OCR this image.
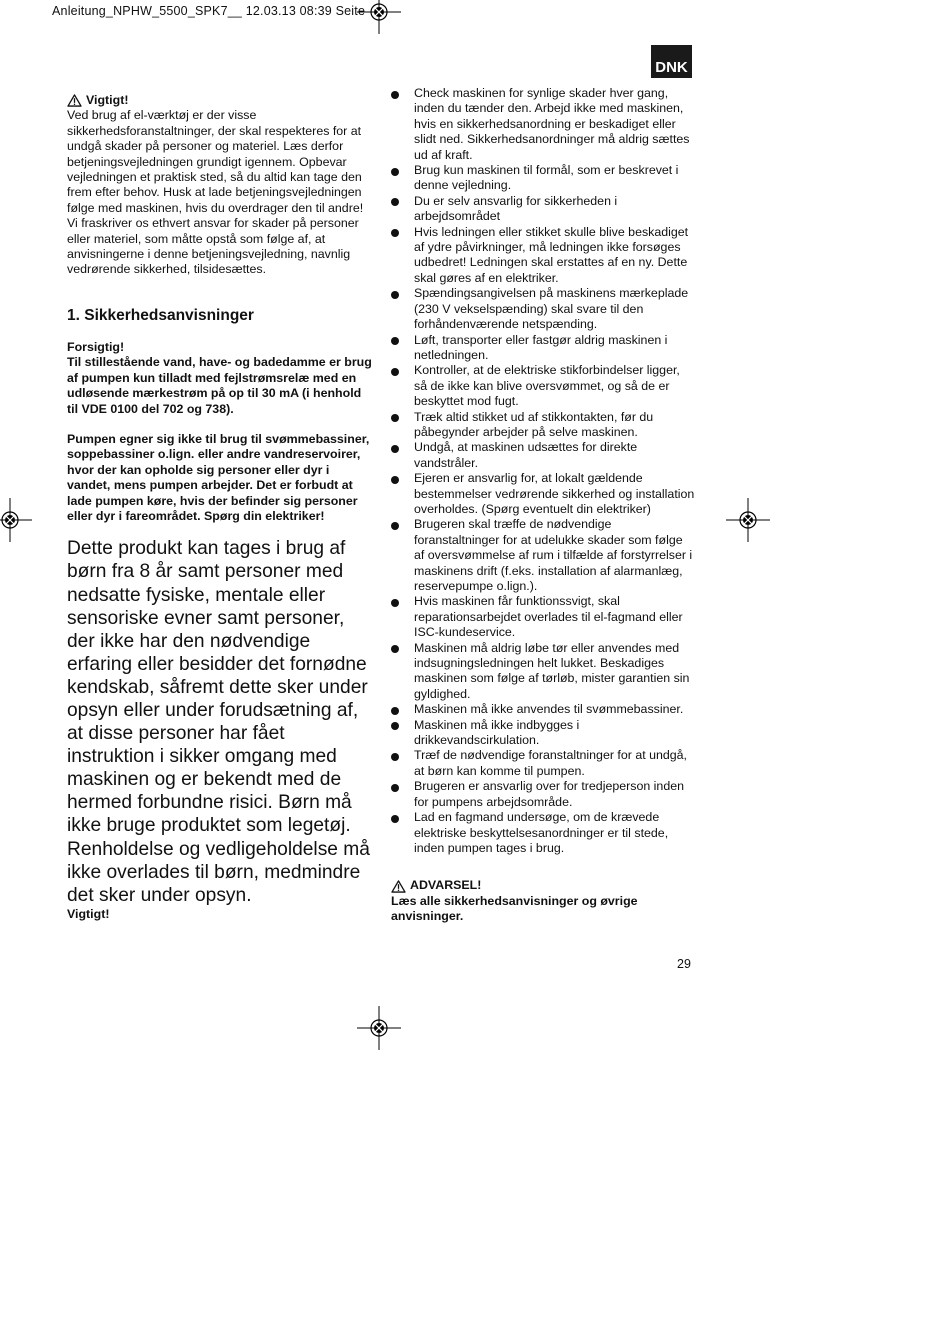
Anleitung_NPHW_5500_SPK7__ 12.03.13 08:39 Seite
DNK
Vigtigt!
Ved brug af el-værktøj er der visse sikkerhedsforanstaltninger, der skal respekteres for at undgå skader på personer og materiel. Læs derfor betjeningsvejledningen grundigt igennem. Opbevar vejledningen et praktisk sted, så du altid kan tage den frem efter behov. Husk at lade betjeningsvejledningen følge med maskinen, hvis du overdrager den til andre! Vi fraskriver os ethvert ansvar for skader på personer eller materiel, som måtte opstå som følge af, at anvisningerne i denne betjeningsvejledning, navnlig vedrørende sikkerhed, tilsidesættes.
1. Sikkerhedsanvisninger
Forsigtig!
Til stillestående vand, have- og badedamme er brug af pumpen kun tilladt med fejlstrømsrelæ med en udløsende mærkestrøm på op til 30 mA (i henhold til VDE 0100 del 702 og 738).
Pumpen egner sig ikke til brug til svømmebassiner, soppebassiner o.lign. eller andre vandreservoirer, hvor der kan opholde sig personer eller dyr i vandet, mens pumpen arbejder. Det er forbudt at lade pumpen køre, hvis der befinder sig personer eller dyr i fareområdet. Spørg din elektriker!
Dette produkt kan tages i brug af børn fra 8 år samt personer med nedsatte fysiske, mentale eller sensoriske evner samt personer, der ikke har den nødvendige erfaring eller besidder det fornødne kendskab, såfremt dette sker under opsyn eller under forudsætning af, at disse personer har fået instruktion i sikker omgang med maskinen og er bekendt med de hermed forbundne risici. Børn må ikke bruge produktet som legetøj. Renholdelse og vedligeholdelse må ikke overlades til børn, medmindre det sker under opsyn.
Vigtigt!
Check maskinen for synlige skader hver gang, inden du tænder den. Arbejd ikke med maskinen, hvis en sikkerhedsanordning er beskadiget eller slidt ned. Sikkerhedsanordninger må aldrig sættes ud af kraft.
Brug kun maskinen til formål, som er beskrevet i denne vejledning.
Du er selv ansvarlig for sikkerheden i arbejdsområdet
Hvis ledningen eller stikket skulle blive beskadiget af ydre påvirkninger, må ledningen ikke forsøges udbedret! Ledningen skal erstattes af en ny. Dette skal gøres af en elektriker.
Spændingsangivelsen på maskinens mærkeplade (230 V vekselspænding) skal svare til den forhåndenværende netspænding.
Løft, transporter eller fastgør aldrig maskinen i netledningen.
Kontroller, at de elektriske stikforbindelser ligger, så de ikke kan blive oversvømmet, og så de er beskyttet mod fugt.
Træk altid stikket ud af stikkontakten, før du påbegynder arbejder på selve maskinen.
Undgå, at maskinen udsættes for direkte vandstråler.
Ejeren er ansvarlig for, at lokalt gældende bestemmelser vedrørende sikkerhed og installation overholdes. (Spørg eventuelt din elektriker)
Brugeren skal træffe de nødvendige foranstaltninger for at udelukke skader som følge af oversvømmelse af rum i tilfælde af forstyrrelser i maskinens drift (f.eks. installation af alarmanlæg, reservepumpe o.lign.).
Hvis maskinen får funktionssvigt, skal reparationsarbejdet overlades til el-fagmand eller ISC-kundeservice.
Maskinen må aldrig løbe tør eller anvendes med indsugningsledningen helt lukket. Beskadiges maskinen som følge af tørløb, mister garantien sin gyldighed.
Maskinen må ikke anvendes til svømmebassiner.
Maskinen må ikke indbygges i drikkevandscirkulation.
Træf de nødvendige foranstaltninger for at undgå, at børn kan komme til pumpen.
Brugeren er ansvarlig over for tredjeperson inden for pumpens arbejdsområde.
Lad en fagmand undersøge, om de krævede elektriske beskyttelsesanordninger er til stede, inden pumpen tages i brug.
ADVARSEL!
Læs alle sikkerhedsanvisninger og øvrige anvisninger.
29
